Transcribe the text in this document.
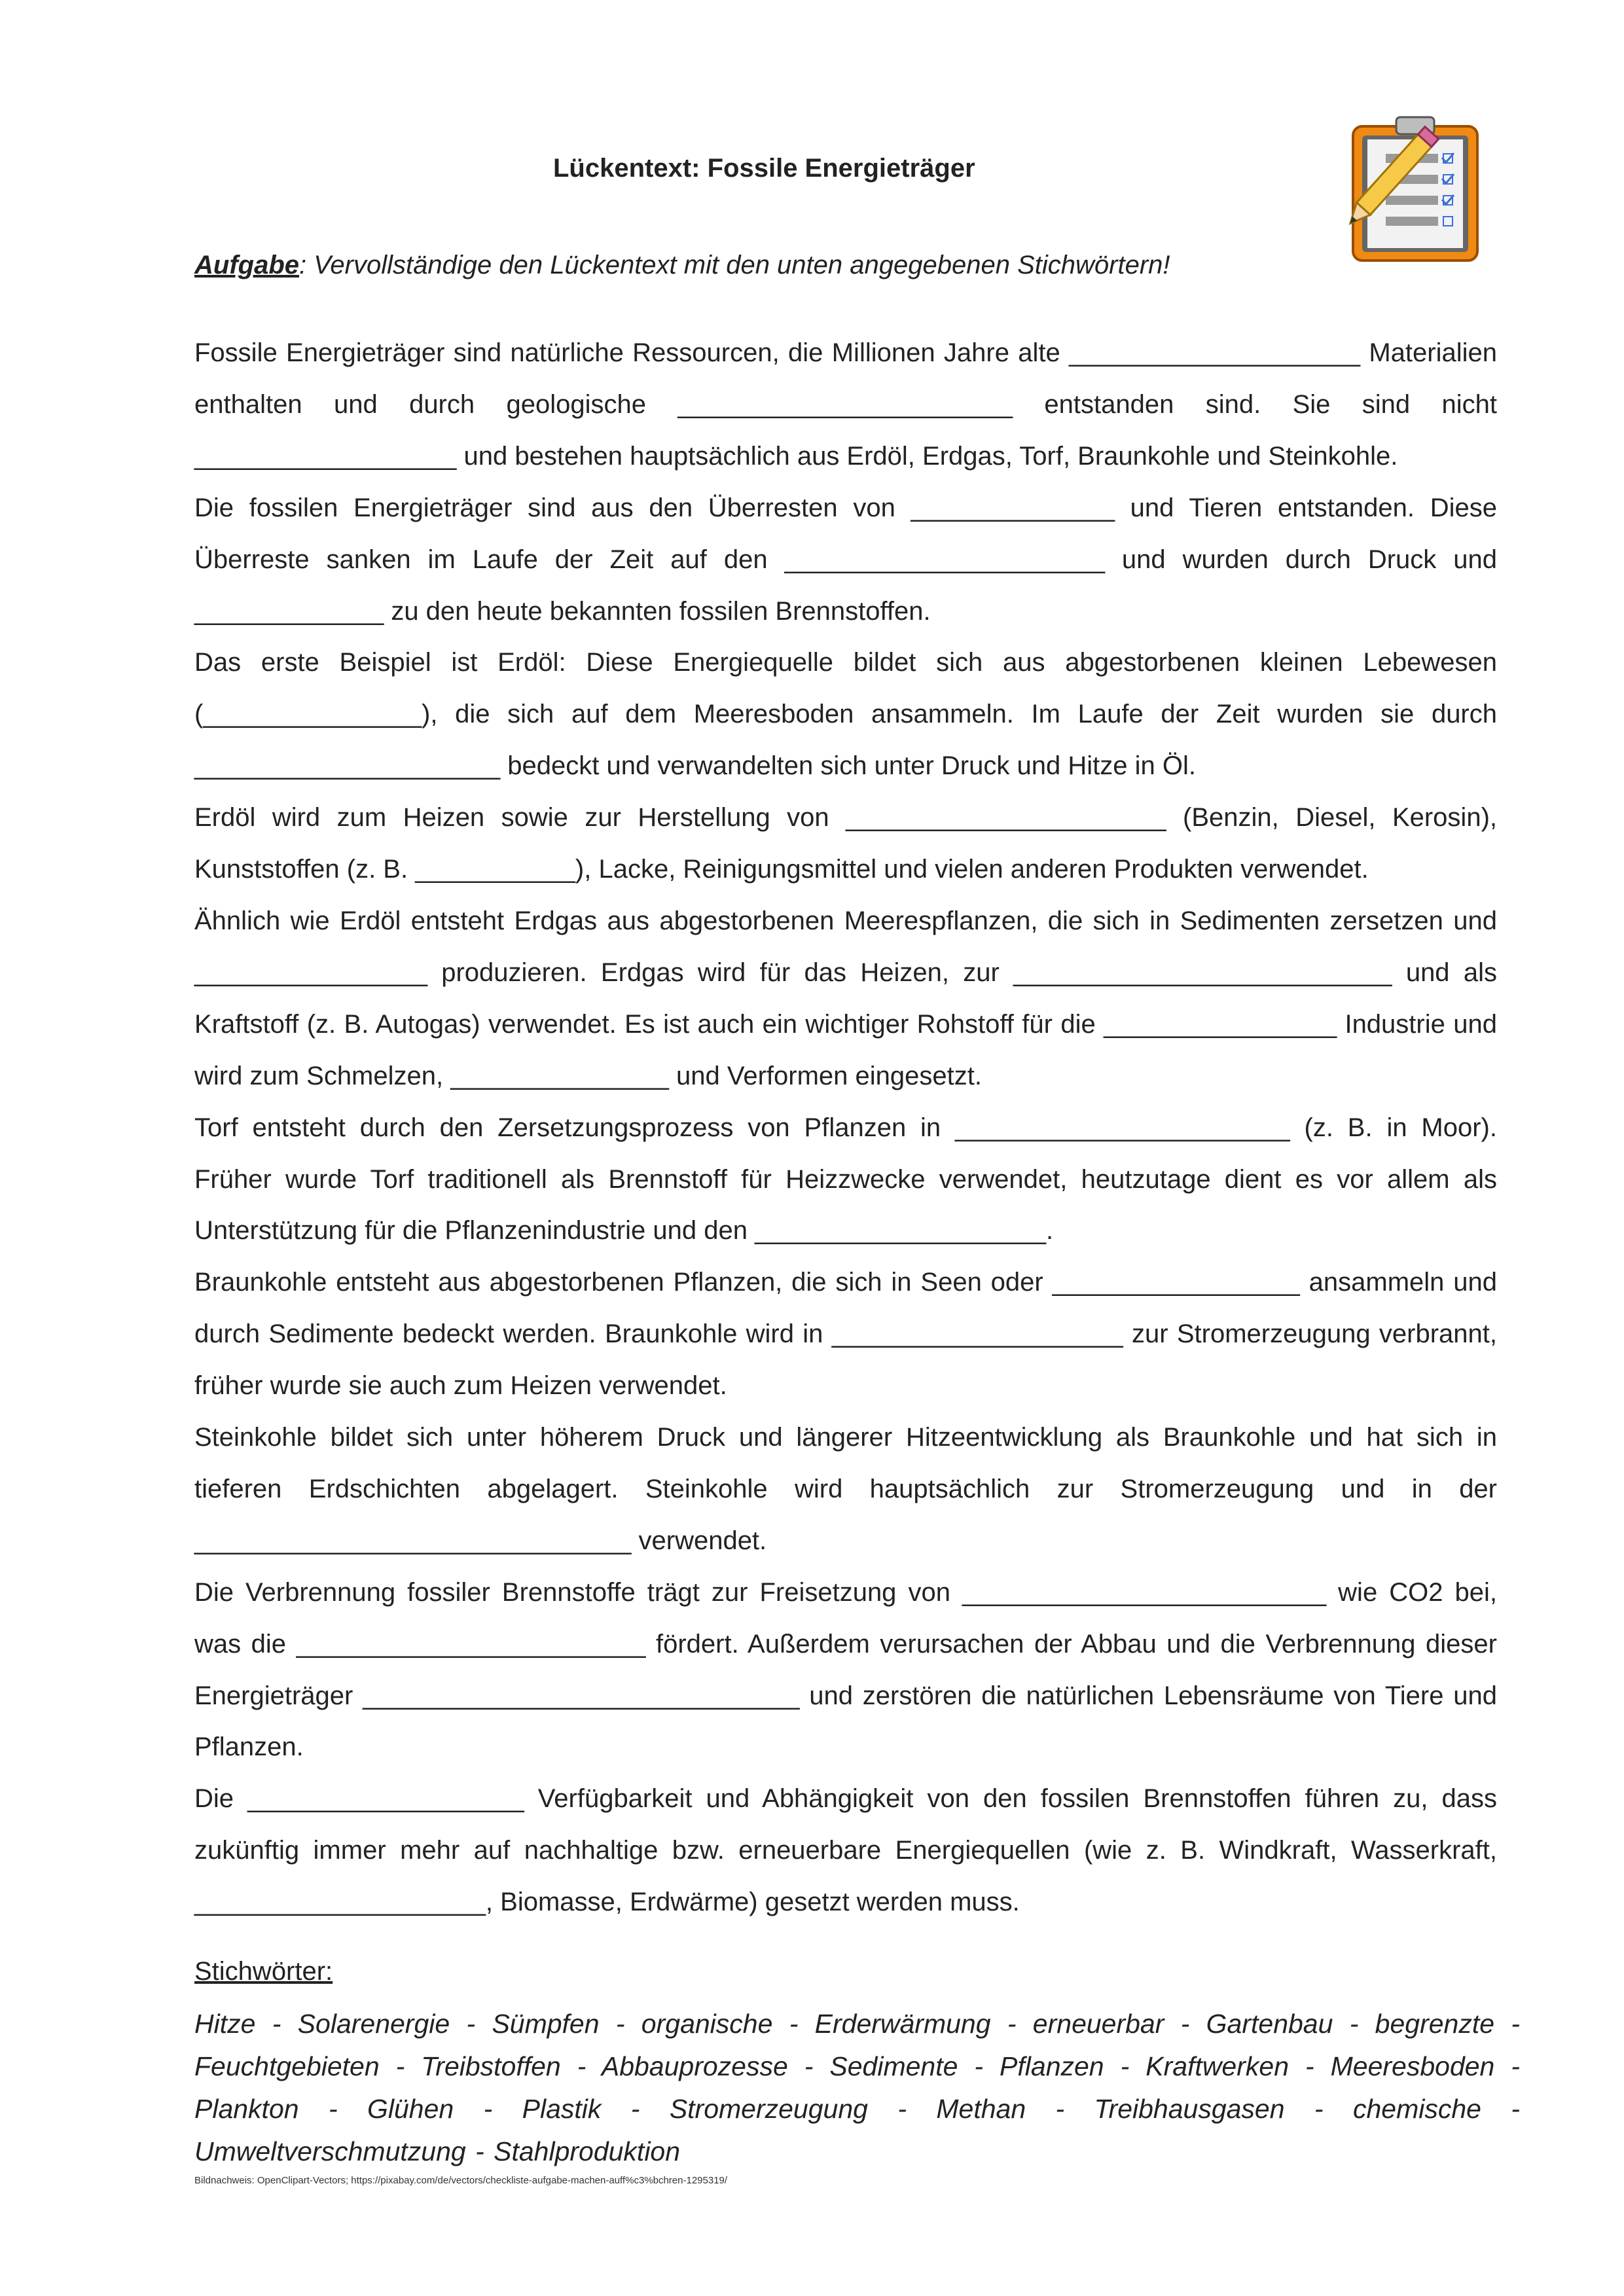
Lückentext: Fossile Energieträger
Aufgabe: Vervollständige den Lückentext mit den unten angegebenen Stichwörtern!

Fossile Energieträger sind natürliche Ressourcen, die Millionen Jahre alte ____________________ Materialien enthalten und durch geologische _______________________ entstanden sind. Sie sind nicht __________________ und bestehen hauptsächlich aus Erdöl, Erdgas, Torf, Braunkohle und Steinkohle.

Die fossilen Energieträger sind aus den Überresten von ______________ und Tieren entstanden. Diese Überreste sanken im Laufe der Zeit auf den ______________________ und wurden durch Druck und _____________ zu den heute bekannten fossilen Brennstoffen.

Das erste Beispiel ist Erdöl: Diese Energiequelle bildet sich aus abgestorbenen kleinen Lebewesen (_______________), die sich auf dem Meeresboden ansammeln. Im Laufe der Zeit wurden sie durch _____________________ bedeckt und verwandelten sich unter Druck und Hitze in Öl.

Erdöl wird zum Heizen sowie zur Herstellung von ______________________ (Benzin, Diesel, Kerosin), Kunststoffen (z. B. ___________), Lacke, Reinigungsmittel und vielen anderen Produkten verwendet.

Ähnlich wie Erdöl entsteht Erdgas aus abgestorbenen Meerespflanzen, die sich in Sedimenten zersetzen und ________________ produzieren. Erdgas wird für das Heizen, zur __________________________ und als Kraftstoff (z. B. Autogas) verwendet. Es ist auch ein wichtiger Rohstoff für die ________________ Industrie und wird zum Schmelzen, _______________ und Verformen eingesetzt.

Torf entsteht durch den Zersetzungsprozess von Pflanzen in _______________________ (z. B. in Moor). Früher wurde Torf traditionell als Brennstoff für Heizzwecke verwendet, heutzutage dient es vor allem als Unterstützung für die Pflanzenindustrie und den ____________________.

Braunkohle entsteht aus abgestorbenen Pflanzen, die sich in Seen oder _________________ ansammeln und durch Sedimente bedeckt werden. Braunkohle wird in ____________________ zur Stromerzeugung verbrannt, früher wurde sie auch zum Heizen verwendet.

Steinkohle bildet sich unter höherem Druck und längerer Hitzeentwicklung als Braunkohle und hat sich in tieferen Erdschichten abgelagert. Steinkohle wird hauptsächlich zur Stromerzeugung und in der ______________________________ verwendet.

Die Verbrennung fossiler Brennstoffe trägt zur Freisetzung von _________________________ wie CO2 bei, was die ________________________ fördert. Außerdem verursachen der Abbau und die Verbrennung dieser Energieträger ______________________________ und zerstören die natürlichen Lebensräume von Tiere und Pflanzen.

Die ___________________ Verfügbarkeit und Abhängigkeit von den fossilen Brennstoffen führen zu, dass zukünftig immer mehr auf nachhaltige bzw. erneuerbare Energiequellen (wie z. B. Windkraft, Wasserkraft, ____________________, Biomasse, Erdwärme) gesetzt werden muss.

Stichwörter:
Hitze - Solarenergie - Sümpfen - organische - Erderwärmung - erneuerbar - Gartenbau - begrenzte - Feuchtgebieten - Treibstoffen - Abbauprozesse - Sedimente - Pflanzen - Kraftwerken - Meeresboden - Plankton - Glühen - Plastik - Stromerzeugung - Methan - Treibhausgasen - chemische - Umweltverschmutzung - Stahlproduktion
Bildnachweis: OpenClipart-Vectors; https://pixabay.com/de/vectors/checkliste-aufgabe-machen-auff%c3%bchren-1295319/
